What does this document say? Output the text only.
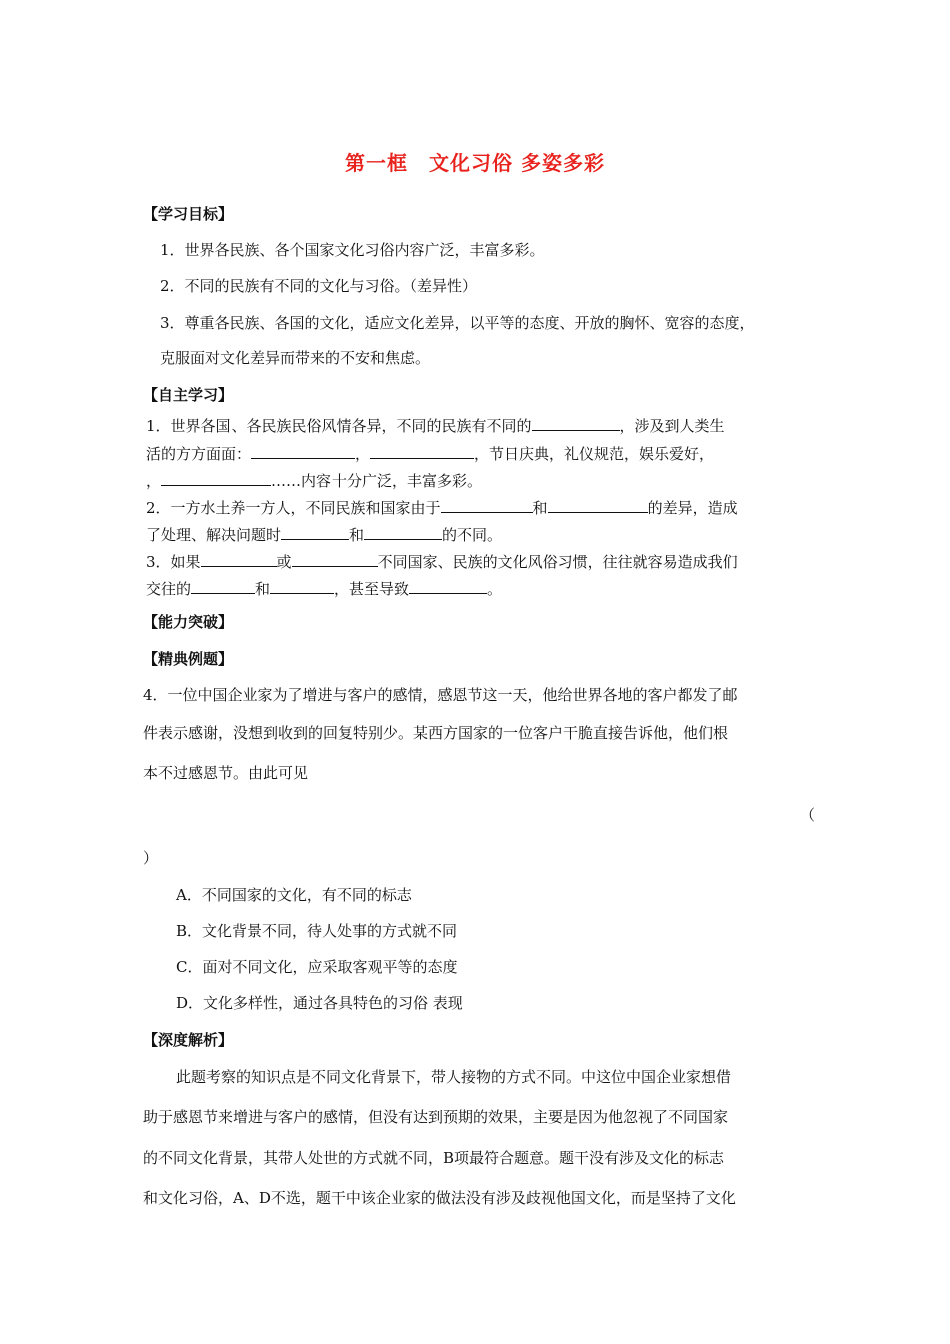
第一框　文化习俗 多姿多彩
【学习目标】
1．世界各民族、各个国家文化习俗内容广泛，丰富多彩。
2．不同的民族有不同的文化与习俗。（差异性）
3．尊重各民族、各国的文化，适应文化差异，以平等的态度、开放的胸怀、宽容的态度，
克服面对文化差异而带来的不安和焦虑。
【自主学习】
1．世界各国.、各民族民俗风情各异，不同的民族有不同的	，涉及到人类生
活的方方面面：	，	，节日庆典，礼仪规范，娱乐爱好，
，	……内容.十分广泛，丰富多彩。
2．一方水土养一方人，不同民族和国家由于	和	的差异，造成
了处理、解决问题时	和	的不同。
3．如果	或	不同国家、民族的文化风俗习惯，往往就容易造成我们
交往的	和	，甚至导致	。
【能力突破】
【精典例题】
4．一位中国企业家为了增进与客户的感情，感恩节这一天，他给世界各地的客户都发了邮
件表示感谢，没想到收到的回复特别少。某西方国家的一位客户干脆直接告诉他，他们根
本不过感恩节。由此可见
（
）
A．不同国家的文化，有不同的标志
B．文化背景不同，待人处事的方式就不同
C．面对不同文化，应采取客观平等的态度
D．文化多样性，通过各具特色的习俗 表现
【深度解析】
此题考察的知识点是不同文化背景下，带人接物的方式不同。中这位中国企业家想借
助于感恩节来增进与客户的感情，但没有达到预期的效果，主要是因为他忽视了不同国家
的不同文化背景，其带人处世的方式就不同，B项最符合题意。题干没有涉及文化的标志
和文化习俗，A、D不选，题干中该企业家的做法没有涉及歧视他国文化，而是坚持了文化
